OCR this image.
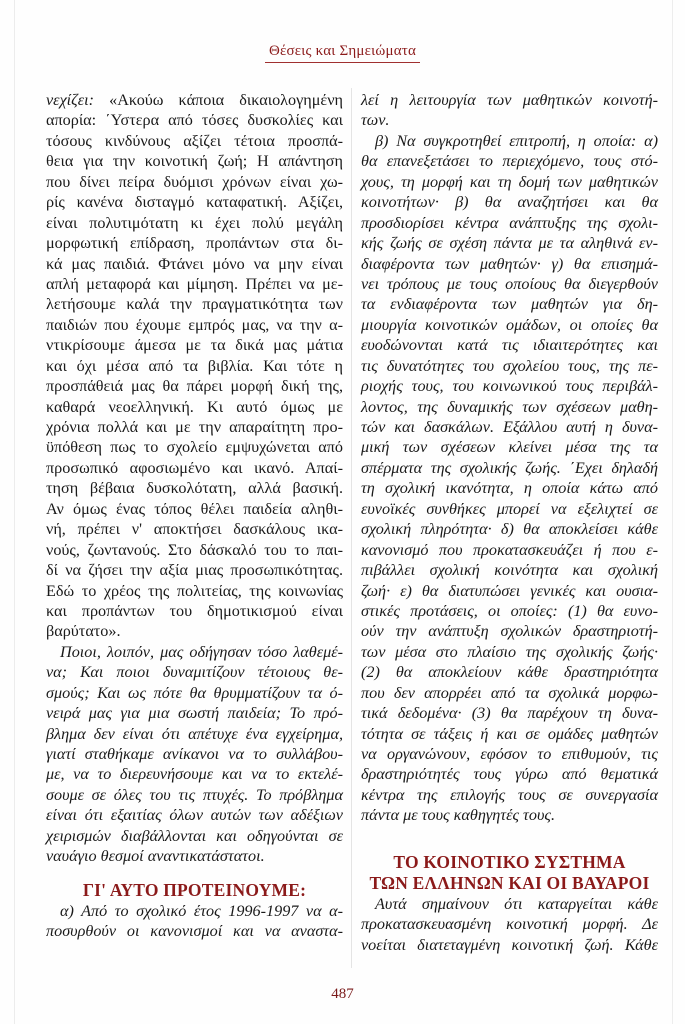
Θέσεις και Σημειώματα
νεχίζει: «Ακούω κάποια δικαιολογημένη
απορία: ΄Υστερα από τόσες δυσκολίες και
τόσους κινδύνους αξίζει τέτοια προσπά-
θεια για την κοινοτική ζωή; Η απάντηση
που δίνει πείρα δυόμισι χρόνων είναι χω-
ρίς κανένα δισταγμό καταφατική. Αξίζει,
είναι πολυτιμότατη κι έχει πολύ μεγάλη
μορφωτική επίδραση, προπάντων στα δι-
κά μας παιδιά. Φτάνει μόνο να μην είναι
απλή μεταφορά και μίμηση. Πρέπει να με-
λετήσουμε καλά την πραγματικότητα των
παιδιών που έχουμε εμπρός μας, να την α-
ντικρίσουμε άμεσα με τα δικά μας μάτια
και όχι μέσα από τα βιβλία. Και τότε η
προσπάθειά μας θα πάρει μορφή δική της,
καθαρά νεοελληνική. Κι αυτό όμως με
χρόνια πολλά και με την απαραίτητη προ-
ϋπόθεση πως το σχολείο εμψυχώνεται από
προσωπικό αφοσιωμένο και ικανό. Απαί-
τηση βέβαια δυσκολότατη, αλλά βασική.
Αν όμως ένας τόπος θέλει παιδεία αληθι-
νή, πρέπει ν' αποκτήσει δασκάλους ικα-
νούς, ζωντανούς. Στο δάσκαλό του το παι-
δί να ζήσει την αξία μιας προσωπικότητας.
Εδώ το χρέος της πολιτείας, της κοινωνίας
και προπάντων του δημοτικισμού είναι
βαρύτατο».
Ποιοι, λοιπόν, μας οδήγησαν τόσο λαθεμέ-
να; Και ποιοι δυναμιτίζουν τέτοιους θε-
σμούς; Και ως πότε θα θρυμματίζουν τα ό-
νειρά μας για μια σωστή παιδεία; Το πρό-
βλημα δεν είναι ότι απέτυχε ένα εγχείρημα,
γιατί σταθήκαμε ανίκανοι να το συλλάβου-
με, να το διερευνήσουμε και να το εκτελέ-
σουμε σε όλες του τις πτυχές. Το πρόβλημα
είναι ότι εξαιτίας όλων αυτών των αδέξιων
χειρισμών διαβάλλονται και οδηγούνται σε
ναυάγιο θεσμοί αναντικατάστατοι.
ΓΙ' ΑΥΤΟ ΠΡΟΤΕΙΝΟΥΜΕ:
α) Από το σχολικό έτος 1996-1997 να α-
ποσυρθούν οι κανονισμοί και να αναστα-
λεί η λειτουργία των μαθητικών κοινοτή-
των.
β) Να συγκροτηθεί επιτροπή, η οποία: α)
θα επανεξετάσει το περιεχόμενο, τους στό-
χους, τη μορφή και τη δομή των μαθητικών
κοινοτήτων· β) θα αναζητήσει και θα
προσδιορίσει κέντρα ανάπτυξης της σχολι-
κής ζωής σε σχέση πάντα με τα αληθινά εν-
διαφέροντα των μαθητών· γ) θα επισημά-
νει τρόπους με τους οποίους θα διεγερθούν
τα ενδιαφέροντα των μαθητών για δη-
μιουργία κοινοτικών ομάδων, οι οποίες θα
ευοδώνονται κατά τις ιδιαιτερότητες και
τις δυνατότητες του σχολείου τους, της πε-
ριοχής τους, του κοινωνικού τους περιβάλ-
λοντος, της δυναμικής των σχέσεων μαθη-
τών και δασκάλων. Εξάλλου αυτή η δυνα-
μική των σχέσεων κλείνει μέσα της τα
σπέρματα της σχολικής ζωής. ΄Εχει δηλαδή
τη σχολική ικανότητα, η οποία κάτω από
ευνοϊκές συνθήκες μπορεί να εξελιχτεί σε
σχολική πληρότητα· δ) θα αποκλείσει κάθε
κανονισμό που προκατασκευάζει ή που ε-
πιβάλλει σχολική κοινότητα και σχολική
ζωή· ε) θα διατυπώσει γενικές και ουσια-
στικές προτάσεις, οι οποίες: (1) θα ευνο-
ούν την ανάπτυξη σχολικών δραστηριοτή-
των μέσα στο πλαίσιο της σχολικής ζωής·
(2) θα αποκλείουν κάθε δραστηριότητα
που δεν απορρέει από τα σχολικά μορφω-
τικά δεδομένα· (3) θα παρέχουν τη δυνα-
τότητα σε τάξεις ή και σε ομάδες μαθητών
να οργανώνουν, εφόσον το επιθυμούν, τις
δραστηριότητές τους γύρω από θεματικά
κέντρα της επιλογής τους σε συνεργασία
πάντα με τους καθηγητές τους.
ΤΟ ΚΟΙΝΟΤΙΚΟ ΣΥΣΤΗΜΑ
ΤΩΝ ΕΛΛΗΝΩΝ ΚΑΙ ΟΙ ΒΑΥΑΡΟΙ
Αυτά σημαίνουν ότι καταργείται κάθε
προκατασκευασμένη κοινοτική μορφή. Δε
νοείται διατεταγμένη κοινοτική ζωή. Κάθε
487
